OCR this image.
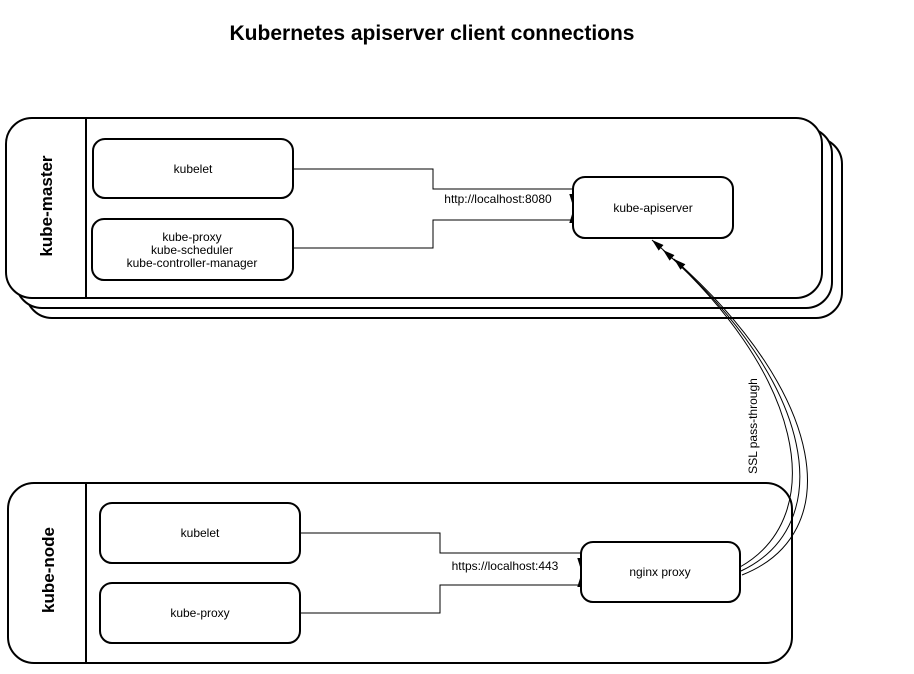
Kubernetes apiserver client connections
kube-master
kube-node
http://localhost:8080
https://localhost:443
SSL pass-through
kubelet
kube-proxy
kube-scheduler
kube-controller-manager
kube-apiserver
kubelet
kube-proxy
nginx proxy
